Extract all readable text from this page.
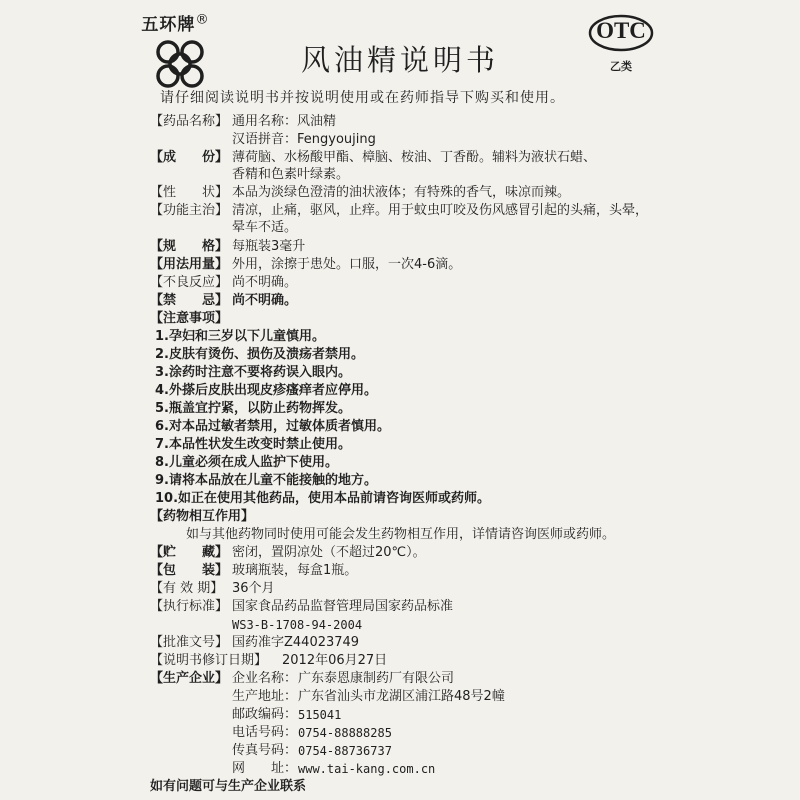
五环牌®
风油精说明书
OTC
乙类
请仔细阅读说明书并按说明使用或在药师指导下购买和使用。
【药品名称】 通用名称：风油精
汉语拼音：Fengyoujing
【成　　份】 薄荷脑、水杨酸甲酯、樟脑、桉油、丁香酚。辅料为液状石蜡、
香精和色素叶绿素。
【性　　状】 本品为淡绿色澄清的油状液体；有特殊的香气，味凉而辣。
【功能主治】 清凉，止痛，驱风，止痒。用于蚊虫叮咬及伤风感冒引起的头痛，头晕，
晕车不适。
【规　　格】 每瓶装3毫升
【用法用量】 外用，涂擦于患处。口服，一次4-6滴。
【不良反应】 尚不明确。
【禁　　忌】 尚不明确。
【注意事项】
1.孕妇和三岁以下儿童慎用。
2.皮肤有烫伤、损伤及溃疡者禁用。
3.涂药时注意不要将药误入眼内。
4.外搽后皮肤出现皮疹瘙痒者应停用。
5.瓶盖宜拧紧，以防止药物挥发。
6.对本品过敏者禁用，过敏体质者慎用。
7.本品性状发生改变时禁止使用。
8.儿童必须在成人监护下使用。
9.请将本品放在儿童不能接触的地方。
10.如正在使用其他药品，使用本品前请咨询医师或药师。
【药物相互作用】
如与其他药物同时使用可能会发生药物相互作用，详情请咨询医师或药师。
【贮　　藏】 密闭，置阴凉处（不超过20℃）。
【包　　装】 玻璃瓶装，每盒1瓶。
【有 效 期】 36个月
【执行标准】 国家食品药品监督管理局国家药品标准
WS3-B-1708-94-2004
【批准文号】 国药准字Z44023749
【说明书修订日期】 2012年06月27日
【生产企业】 企业名称： 广东泰恩康制药厂有限公司
生产地址： 广东省汕头市龙湖区浦江路48号2幢
邮政编码： 515041
电话号码： 0754-88888285
传真号码： 0754-88736737
网　　址： www.tai-kang.com.cn
如有问题可与生产企业联系
